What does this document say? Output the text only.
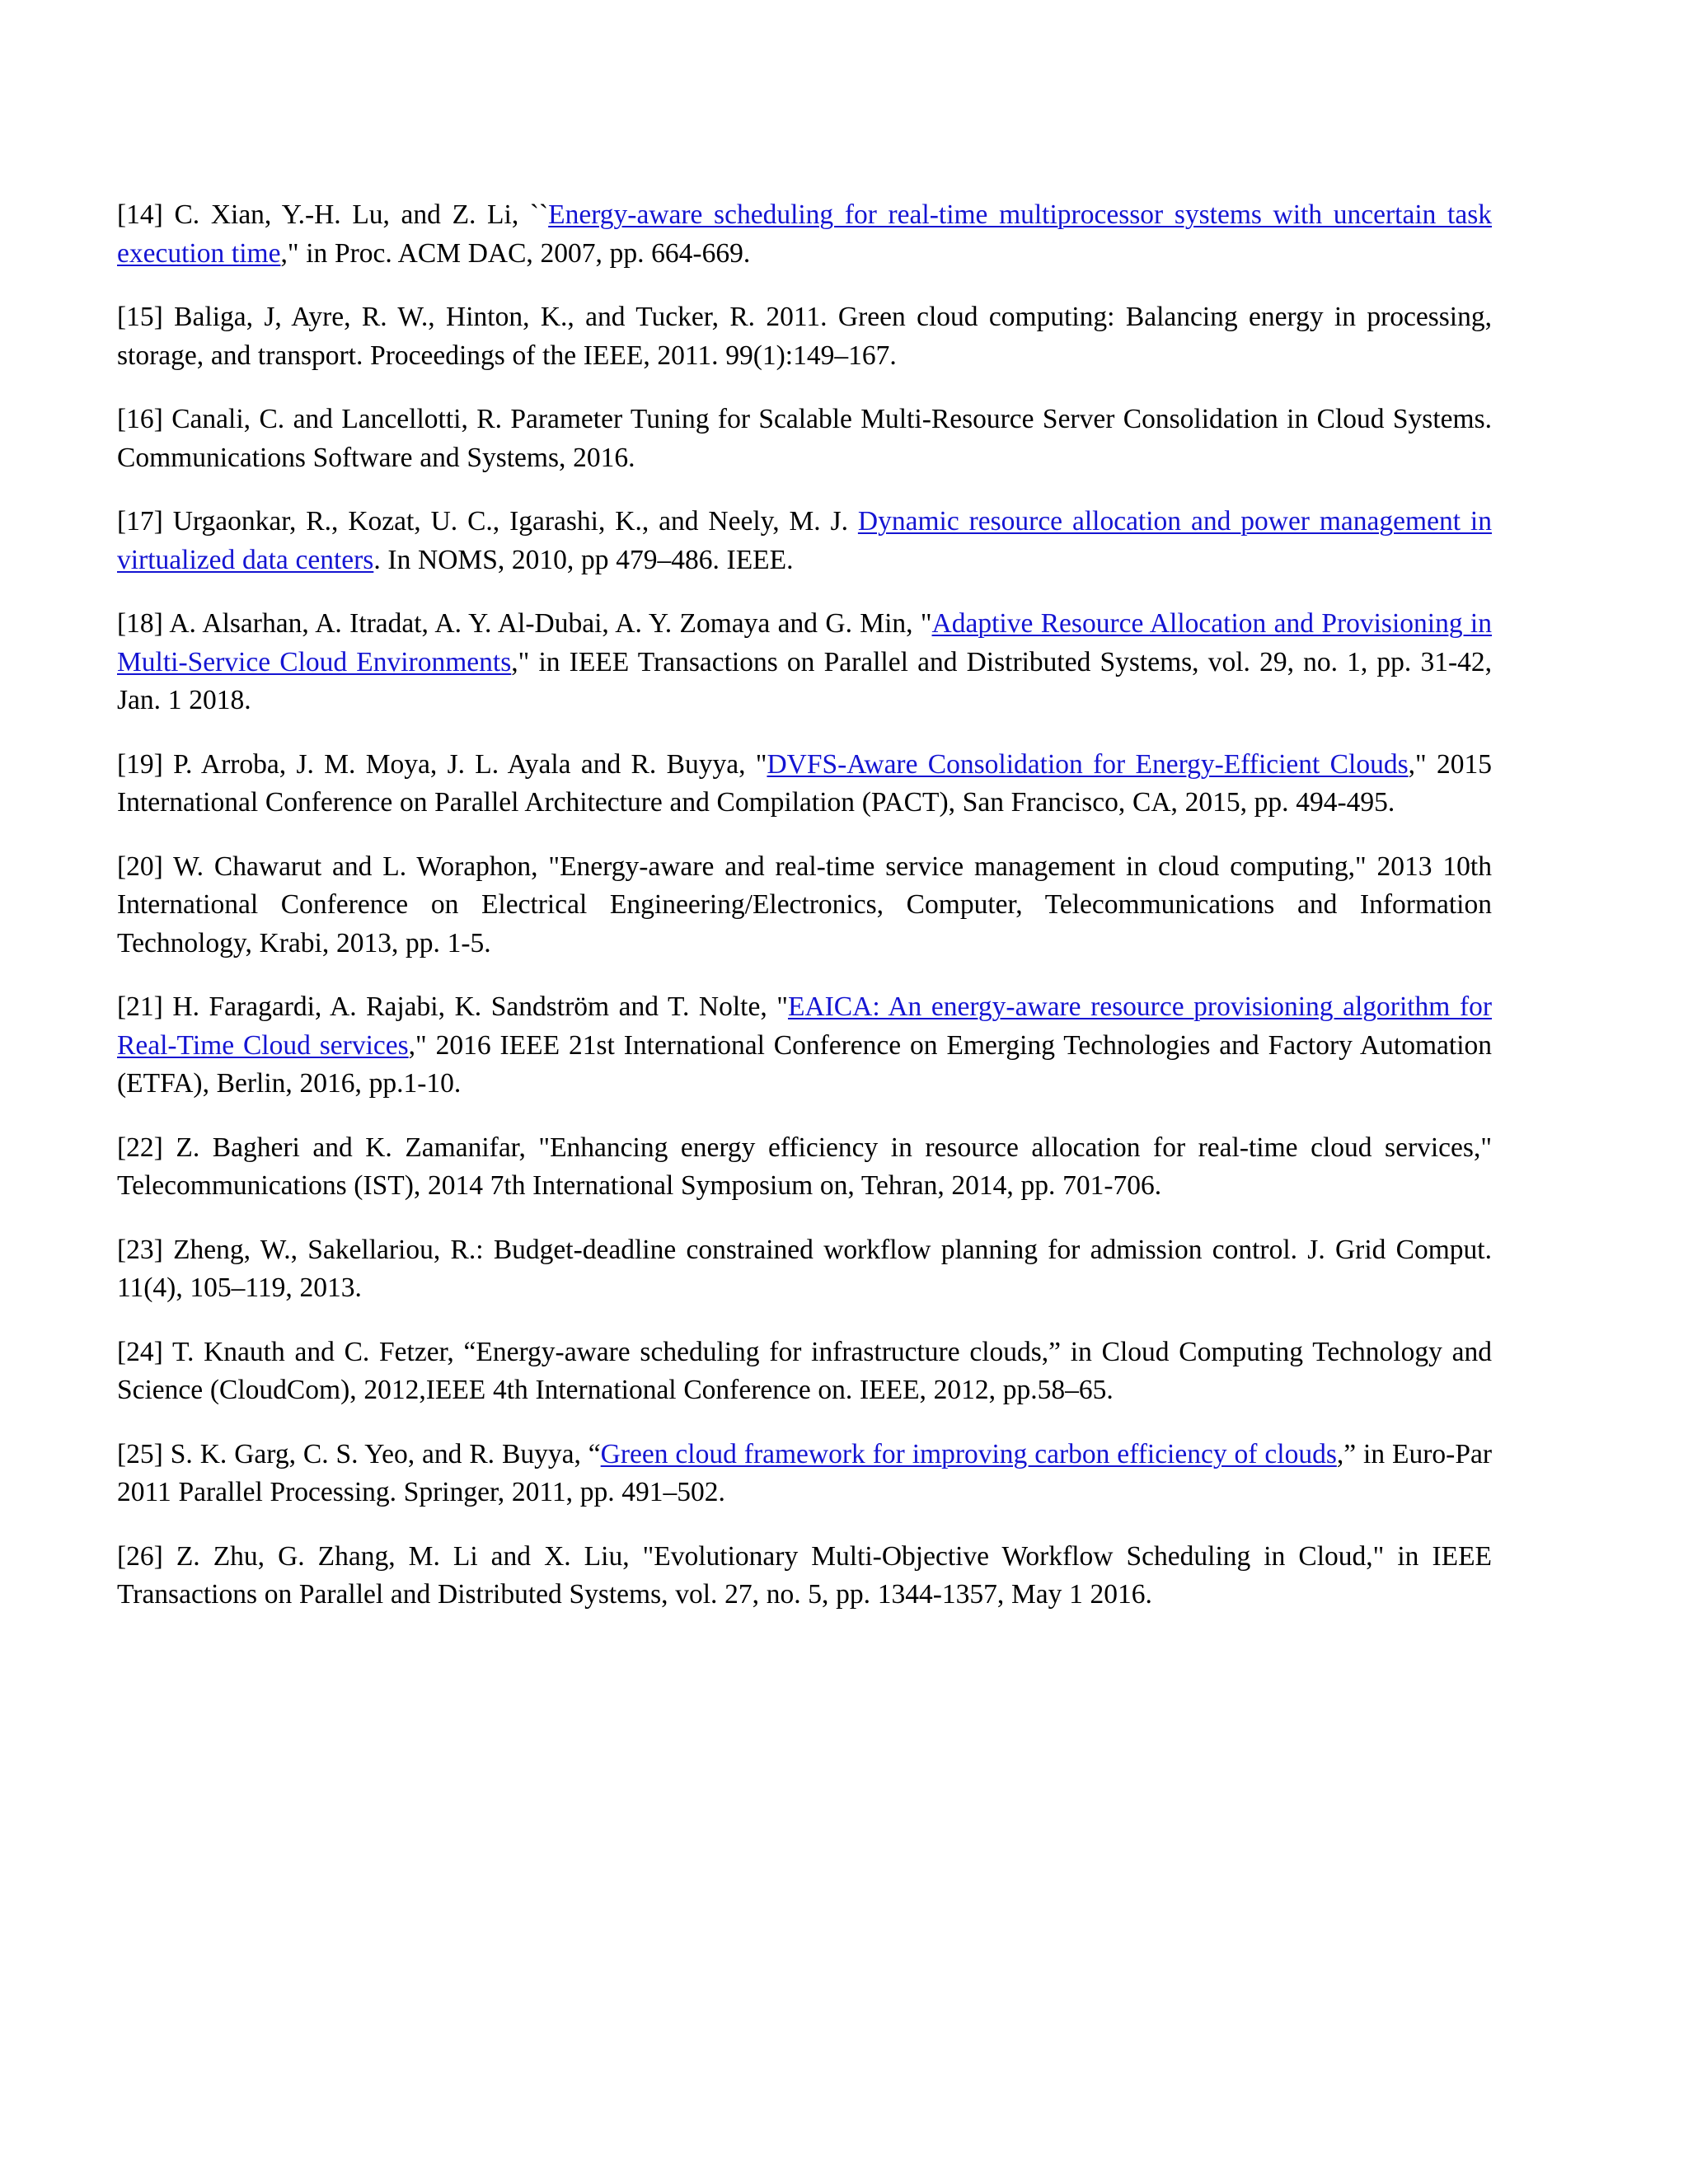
[14] C. Xian, Y.-H. Lu, and Z. Li, ``Energy-aware scheduling for real-time multiprocessor systems with uncertain task execution time," in Proc. ACM DAC, 2007, pp. 664-669.

[15] Baliga, J, Ayre, R. W., Hinton, K., and Tucker, R. 2011. Green cloud computing: Balancing energy in processing, storage, and transport. Proceedings of the IEEE, 2011. 99(1):149–167.

[16] Canali, C. and Lancellotti, R. Parameter Tuning for Scalable Multi-Resource Server Consolidation in Cloud Systems. Communications Software and Systems, 2016.

[17] Urgaonkar, R., Kozat, U. C., Igarashi, K., and Neely, M. J. Dynamic resource allocation and power management in virtualized data centers. In NOMS, 2010, pp 479–486. IEEE.

[18] A. Alsarhan, A. Itradat, A. Y. Al-Dubai, A. Y. Zomaya and G. Min, "Adaptive Resource Allocation and Provisioning in Multi-Service Cloud Environments," in IEEE Transactions on Parallel and Distributed Systems, vol. 29, no. 1, pp. 31-42, Jan. 1 2018.

[19] P. Arroba, J. M. Moya, J. L. Ayala and R. Buyya, "DVFS-Aware Consolidation for Energy-Efficient Clouds," 2015 International Conference on Parallel Architecture and Compilation (PACT), San Francisco, CA, 2015, pp. 494-495.

[20] W. Chawarut and L. Woraphon, "Energy-aware and real-time service management in cloud computing," 2013 10th International Conference on Electrical Engineering/Electronics, Computer, Telecommunications and Information Technology, Krabi, 2013, pp. 1-5.

[21] H. Faragardi, A. Rajabi, K. Sandström and T. Nolte, "EAICA: An energy-aware resource provisioning algorithm for Real-Time Cloud services," 2016 IEEE 21st International Conference on Emerging Technologies and Factory Automation (ETFA), Berlin, 2016, pp.1-10.

[22] Z. Bagheri and K. Zamanifar, "Enhancing energy efficiency in resource allocation for real-time cloud services," Telecommunications (IST), 2014 7th International Symposium on, Tehran, 2014, pp. 701-706.

[23] Zheng, W., Sakellariou, R.: Budget-deadline constrained workflow planning for admission control. J. Grid Comput. 11(4), 105–119, 2013.

[24] T. Knauth and C. Fetzer, “Energy-aware scheduling for infrastructure clouds,” in Cloud Computing Technology and Science (CloudCom), 2012,IEEE 4th International Conference on. IEEE, 2012, pp.58–65.

[25] S. K. Garg, C. S. Yeo, and R. Buyya, “Green cloud framework for improving carbon efficiency of clouds,” in Euro-Par 2011 Parallel Processing. Springer, 2011, pp. 491–502.

[26] Z. Zhu, G. Zhang, M. Li and X. Liu, "Evolutionary Multi-Objective Workflow Scheduling in Cloud," in IEEE Transactions on Parallel and Distributed Systems, vol. 27, no. 5, pp. 1344-1357, May 1 2016.
